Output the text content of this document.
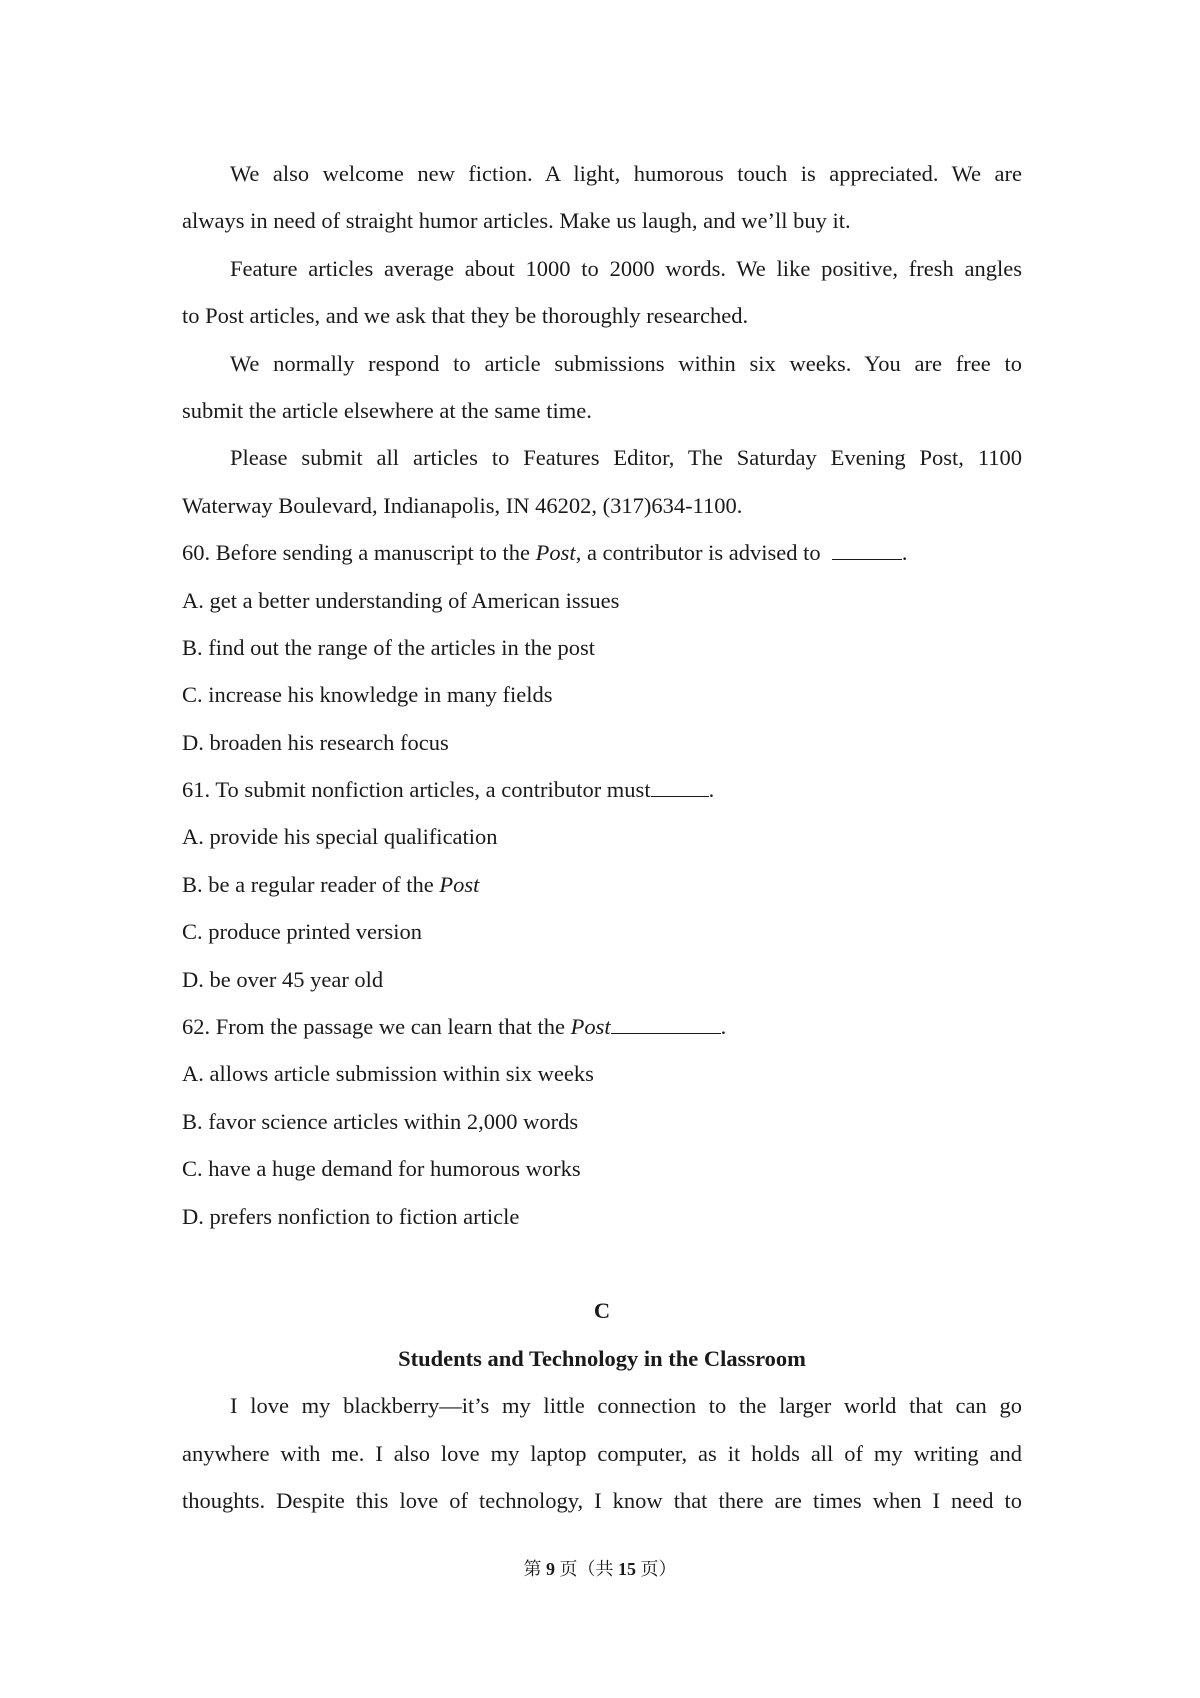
We also welcome new fiction. A light, humorous touch is appreciated. We are
always in need of straight humor articles. Make us laugh, and we’ll buy it.
Feature articles average about 1000 to 2000 words. We like positive, fresh angles
to Post articles, and we ask that they be thoroughly researched.
We normally respond to article submissions within six weeks. You are free to
submit the article elsewhere at the same time.
Please submit all articles to Features Editor, The Saturday Evening Post, 1100
Waterway Boulevard, Indianapolis, IN 46202, (317)634-1100.
60. Before sending a manuscript to the Post, a contributor is advised to	.
A. get a better understanding of American issues
B. find out the range of the articles in the post
C. increase his knowledge in many fields
D. broaden his research focus
61. To submit nonfiction articles, a contributor must	.
A. provide his special qualification
B. be a regular reader of the Post
C. produce printed version
D. be over 45 year old
62. From the passage we can learn that the Post	.
A. allows article submission within six weeks
B. favor science articles within 2,000 words
C. have a huge demand for humorous works
D. prefers nonfiction to fiction article
C
Students and Technology in the Classroom
I love my blackberry—it’s my little connection to the larger world that can go
anywhere with me. I also love my laptop computer, as it holds all of my writing and
thoughts. Despite this love of technology, I know that there are times when I need to
第 9 页（共 15 页）
